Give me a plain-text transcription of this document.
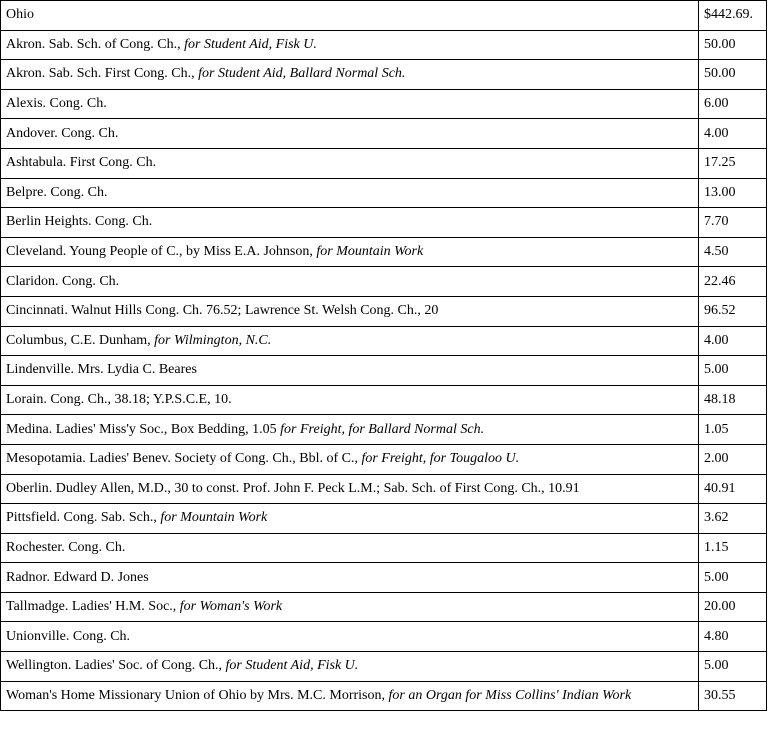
Ohio	$442.69.
Akron. Sab. Sch. of Cong. Ch., for Student Aid, Fisk U.	50.00
Akron. Sab. Sch. First Cong. Ch., for Student Aid, Ballard Normal Sch.	50.00
Alexis. Cong. Ch.	6.00
Andover. Cong. Ch.	4.00
Ashtabula. First Cong. Ch.	17.25
Belpre. Cong. Ch.	13.00
Berlin Heights. Cong. Ch.	7.70
Cleveland. Young People of C., by Miss E.A. Johnson, for Mountain Work	4.50
Claridon. Cong. Ch.	22.46
Cincinnati. Walnut Hills Cong. Ch. 76.52; Lawrence St. Welsh Cong. Ch., 20	96.52
Columbus, C.E. Dunham, for Wilmington, N.C.	4.00
Lindenville. Mrs. Lydia C. Beares	5.00
Lorain. Cong. Ch., 38.18; Y.P.S.C.E, 10.	48.18
Medina. Ladies' Miss'y Soc., Box Bedding, 1.05 for Freight, for Ballard Normal Sch.	1.05
Mesopotamia. Ladies' Benev. Society of Cong. Ch., Bbl. of C., for Freight, for Tougaloo U.	2.00
Oberlin. Dudley Allen, M.D., 30 to const. Prof. John F. Peck L.M.; Sab. Sch. of First Cong. Ch., 10.91	40.91
Pittsfield. Cong. Sab. Sch., for Mountain Work	3.62
Rochester. Cong. Ch.	1.15
Radnor. Edward D. Jones	5.00
Tallmadge. Ladies' H.M. Soc., for Woman's Work	20.00
Unionville. Cong. Ch.	4.80
Wellington. Ladies' Soc. of Cong. Ch., for Student Aid, Fisk U.	5.00
Woman's Home Missionary Union of Ohio by Mrs. M.C. Morrison, for an Organ for Miss Collins' Indian Work	30.55
